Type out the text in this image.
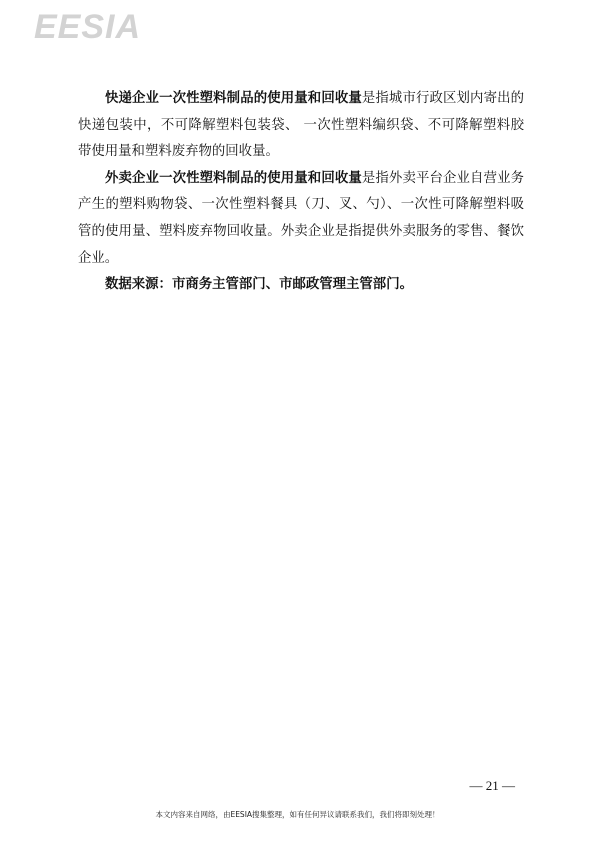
EESIA

快递企业一次性塑料制品的使用量和回收量是指城市行政区划内寄出的快递包装中，不可降解塑料包装袋、 一次性塑料编织袋、不可降解塑料胶带使用量和塑料废弃物的回收量。

外卖企业一次性塑料制品的使用量和回收量是指外卖平台企业自营业务产生的塑料购物袋、一次性塑料餐具（刀、叉、勺）、一次性可降解塑料吸管的使用量、塑料废弃物回收量。外卖企业是指提供外卖服务的零售、餐饮企业。

数据来源：市商务主管部门、市邮政管理主管部门。

— 21 —
本文内容来自网络，由EESIA搜集整理，如有任何异议请联系我们，我们将即刻处理！
